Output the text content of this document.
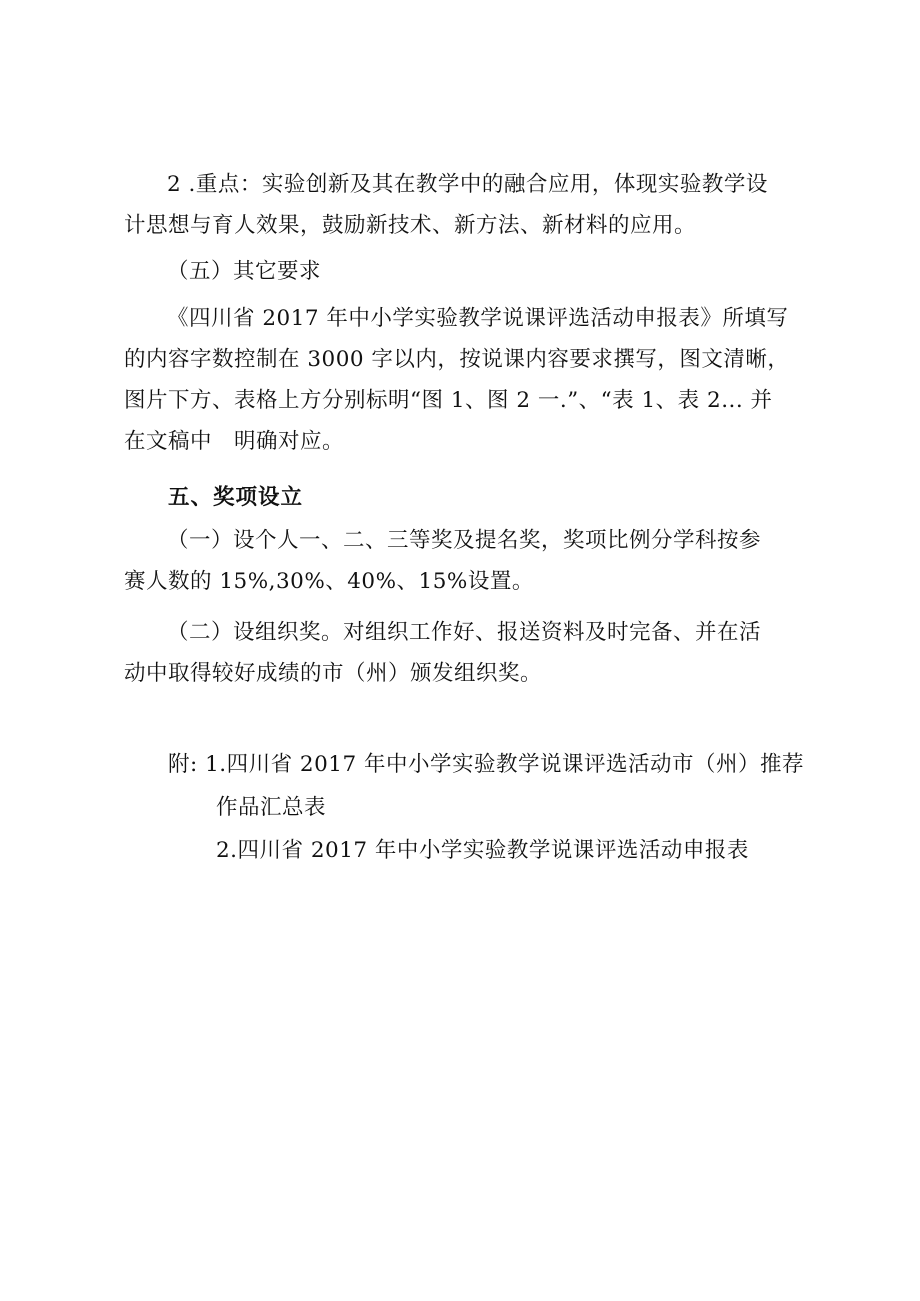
2 .重点：实验创新及其在教学中的融合应用，体现实验教学设
计思想与育人效果，鼓励新技术、新方法、新材料的应用。
（五）其它要求
《四川省 2017 年中小学实验教学说课评选活动申报表》所填写
的内容字数控制在 3000 字以内，按说课内容要求撰写，图文清晰，
图片下方、表格上方分别标明“图 1、图 2 一.”、“表 1、表 2... 并
在文稿中　明确对应。
五、奖项设立
（一）设个人一、二、三等奖及提名奖，奖项比例分学科按参
赛人数的 15%,30%、40%、15%设置。
（二）设组织奖。对组织工作好、报送资料及时完备、并在活
动中取得较好成绩的市（州）颁发组织奖。
附: 1.四川省 2017 年中小学实验教学说课评选活动市（州）推荐
作品汇总表
2.四川省 2017 年中小学实验教学说课评选活动申报表
